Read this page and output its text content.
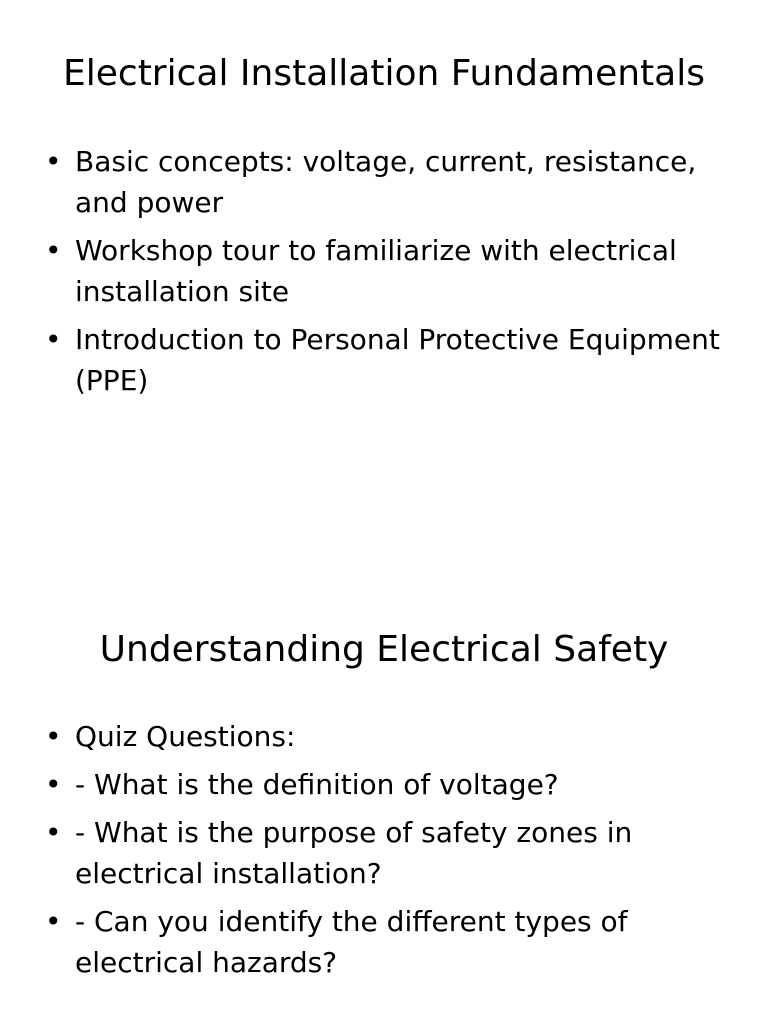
Electrical Installation Fundamentals
• Basic concepts: voltage, current, resistance, and power
• Workshop tour to familiarize with electrical installation site
• Introduction to Personal Protective Equipment (PPE)
Understanding Electrical Safety
• Quiz Questions:
• - What is the definition of voltage?
• - What is the purpose of safety zones in electrical installation?
• - Can you identify the different types of electrical hazards?
